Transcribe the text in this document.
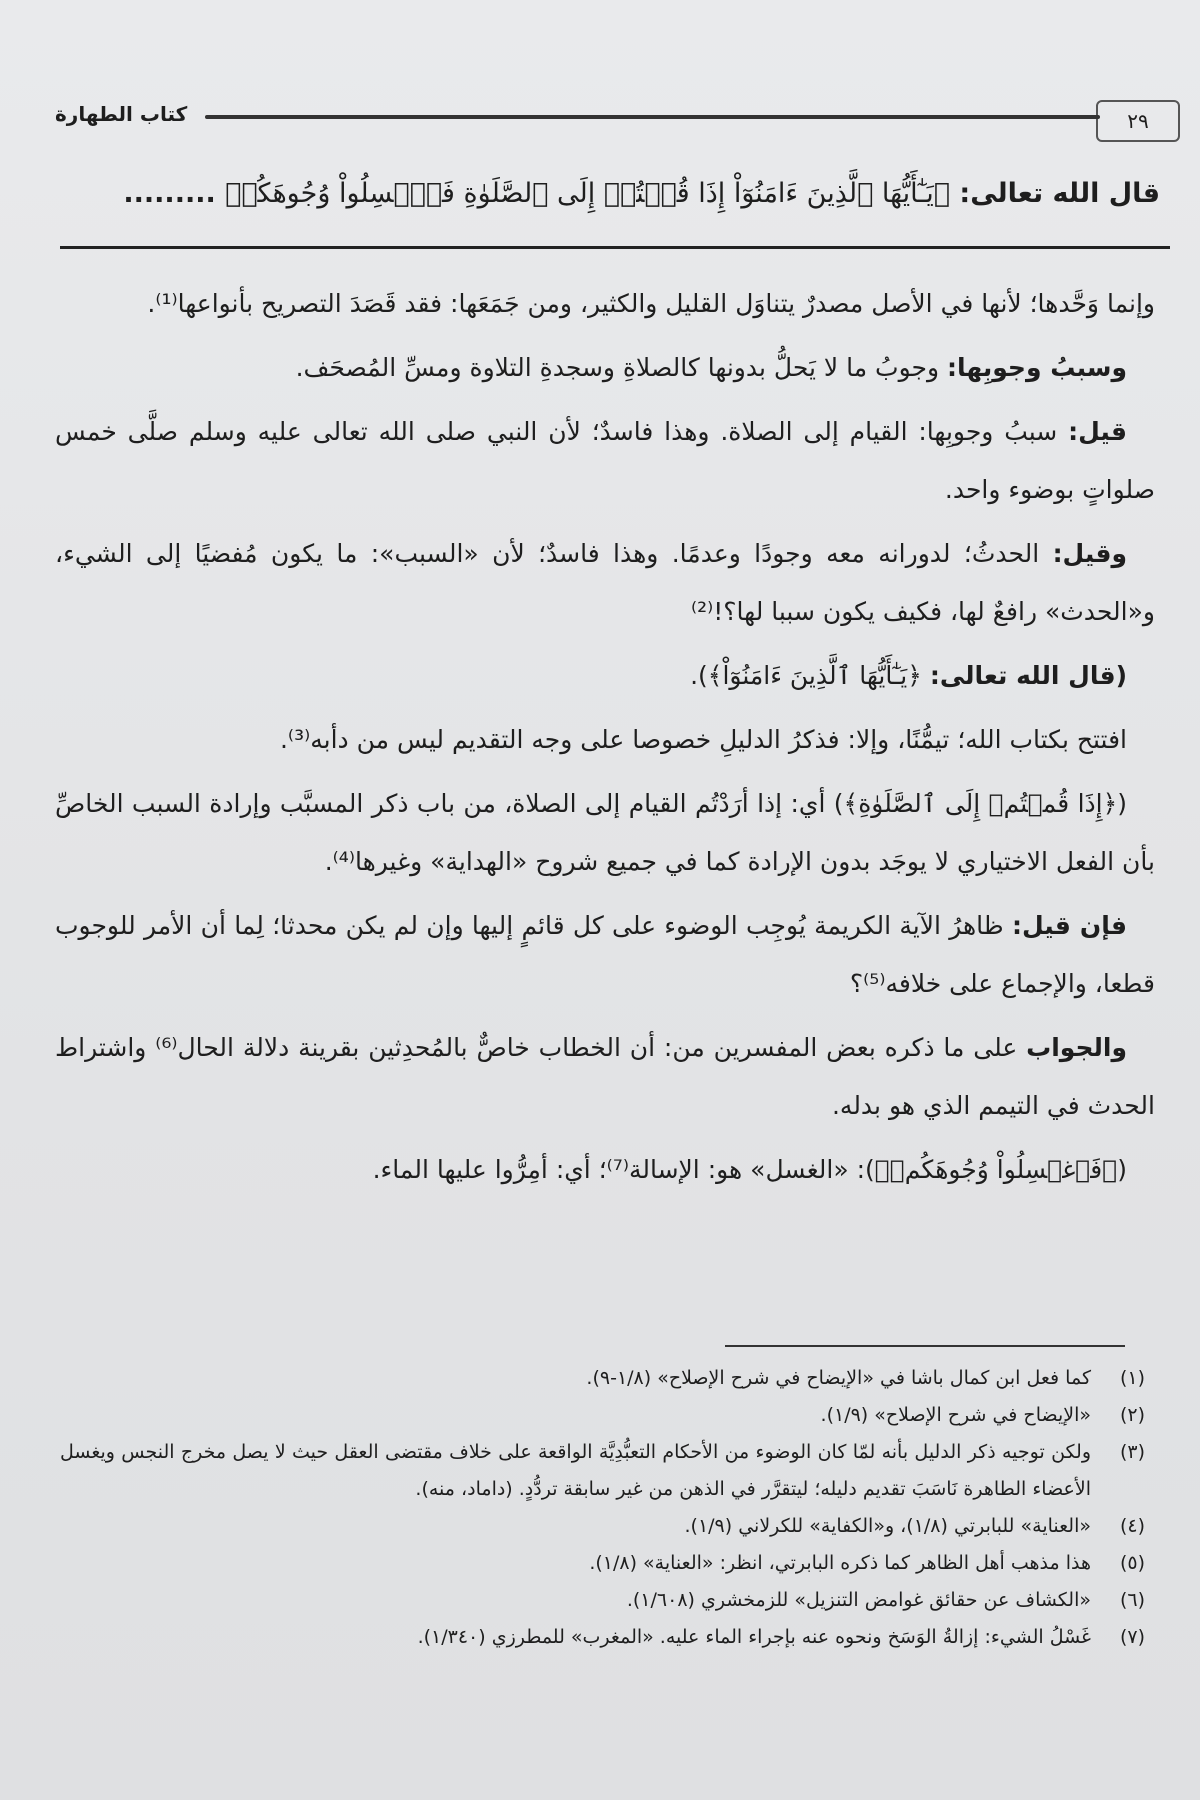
٢٩
كتاب الطهارة
قال الله تعالى: ﴿يَـٰٓأَيُّهَا ٱلَّذِينَ ءَامَنُوٓاْ إِذَا قُمۡتُمۡ إِلَى ٱلصَّلَوٰةِ فَٱغۡسِلُواْ وُجُوهَكُمۡ .........

وإنما وَحَّدها؛ لأنها في الأصل مصدرٌ يتناوَل القليل والكثير، ومن جَمَعَها: فقد قَصَدَ التصريح بأنواعها⁽¹⁾.

وسببُ وجوبِها: وجوبُ ما لا يَحلُّ بدونها كالصلاةِ وسجدةِ التلاوة ومسِّ المُصحَف.

قيل: سببُ وجوبِها: القيام إلى الصلاة. وهذا فاسدٌ؛ لأن النبي صلى الله تعالى عليه وسلم صلَّى خمس صلواتٍ بوضوء واحد.

وقيل: الحدثُ؛ لدورانه معه وجودًا وعدمًا. وهذا فاسدٌ؛ لأن «السبب»: ما يكون مُفضيًا إلى الشيء، و«الحدث» رافعٌ لها، فكيف يكون سببا لها؟!⁽²⁾

(قال الله تعالى: ﴿يَـٰٓأَيُّهَا ٱلَّذِينَ ءَامَنُوٓاْ﴾).

افتتح بكتاب الله؛ تيمُّنًا، وإلا: فذكرُ الدليلِ خصوصا على وجه التقديم ليس من دأبه⁽³⁾.

(﴿إِذَا قُمۡتُمۡ إِلَى ٱلصَّلَوٰةِ﴾) أي: إذا أرَدْتُم القيام إلى الصلاة، من باب ذكر المسبَّب وإرادة السبب الخاصِّ بأن الفعل الاختياري لا يوجَد بدون الإرادة كما في جميع شروح «الهداية» وغيرها⁽⁴⁾.

فإن قيل: ظاهرُ الآية الكريمة يُوجِب الوضوء على كل قائمٍ إليها وإن لم يكن محدثا؛ لِما أن الأمر للوجوب قطعا، والإجماع على خلافه⁽⁵⁾؟

والجواب على ما ذكره بعض المفسرين من: أن الخطاب خاصٌّ بالمُحدِثين بقرينة دلالة الحال⁽⁶⁾ واشتراط الحدث في التيمم الذي هو بدله.

(﴿فَٱغۡسِلُواْ وُجُوهَكُمۡ﴾): «الغسل» هو: الإسالة⁽⁷⁾؛ أي: أمِرُّوا عليها الماء.

(١)
كما فعل ابن كمال باشا في «الإيضاح في شرح الإصلاح» (١/٨-٩).
(٢)
«الإيضاح في شرح الإصلاح» (١/٩).
(٣)
ولكن توجيه ذكر الدليل بأنه لمّا كان الوضوء من الأحكام التعبُّدِيَّة الواقعة على خلاف مقتضى العقل حيث لا يصل مخرج النجس ويغسل الأعضاء الطاهرة نَاسَبَ تقديم دليله؛ ليتقرَّر في الذهن من غير سابقة تردُّدٍ. (داماد، منه).
(٤)
«العناية» للبابرتي (١/٨)، و«الكفاية» للكرلاني (١/٩).
(٥)
هذا مذهب أهل الظاهر كما ذكره البابرتي، انظر: «العناية» (١/٨).
(٦)
«الكشاف عن حقائق غوامض التنزيل» للزمخشري (١/٦٠٨).
(٧)
غَسْلُ الشيء: إزالةُ الوَسَخ ونحوه عنه بإجراء الماء عليه. «المغرب» للمطرزي (١/٣٤٠).
